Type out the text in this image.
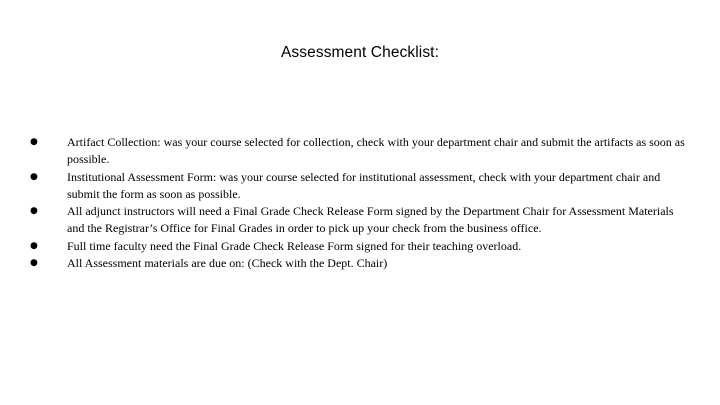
Assessment Checklist:
● Artifact Collection: was your course selected for collection, check with your department chair and submit the artifacts as soon as possible.
● Institutional Assessment Form: was your course selected for institutional assessment, check with your department chair and submit the form as soon as possible.
● All adjunct instructors will need a Final Grade Check Release Form signed by the Department Chair for Assessment Materials and the Registrar’s Office for Final Grades in order to pick up your check from the business office.
● Full time faculty need the Final Grade Check Release Form signed for their teaching overload.
● All Assessment materials are due on: (Check with the Dept. Chair)
